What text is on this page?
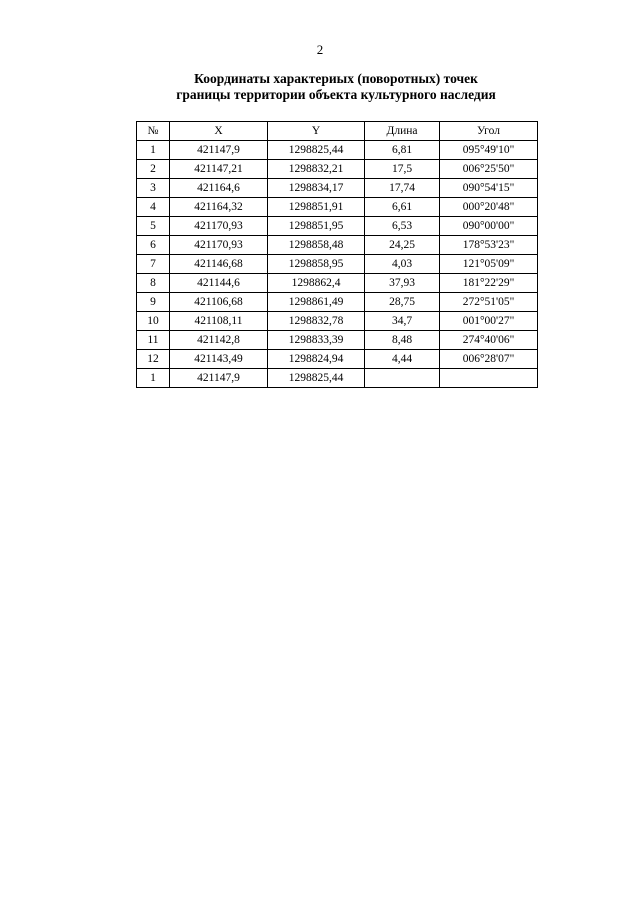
2
Координаты характериых (поворотных) точек
границы территории объекта культурного наследия
№	X	Y	Длина	Угол
1	421147,9	1298825,44	6,81	095°49'10"
2	421147,21	1298832,21	17,5	006°25'50"
3	421164,6	1298834,17	17,74	090°54'15"
4	421164,32	1298851,91	6,61	000°20'48"
5	421170,93	1298851,95	6,53	090°00'00"
6	421170,93	1298858,48	24,25	178°53'23"
7	421146,68	1298858,95	4,03	121°05'09"
8	421144,6	1298862,4	37,93	181°22'29"
9	421106,68	1298861,49	28,75	272°51'05"
10	421108,11	1298832,78	34,7	001°00'27"
11	421142,8	1298833,39	8,48	274°40'06"
12	421143,49	1298824,94	4,44	006°28'07"
1	421147,9	1298825,44		
